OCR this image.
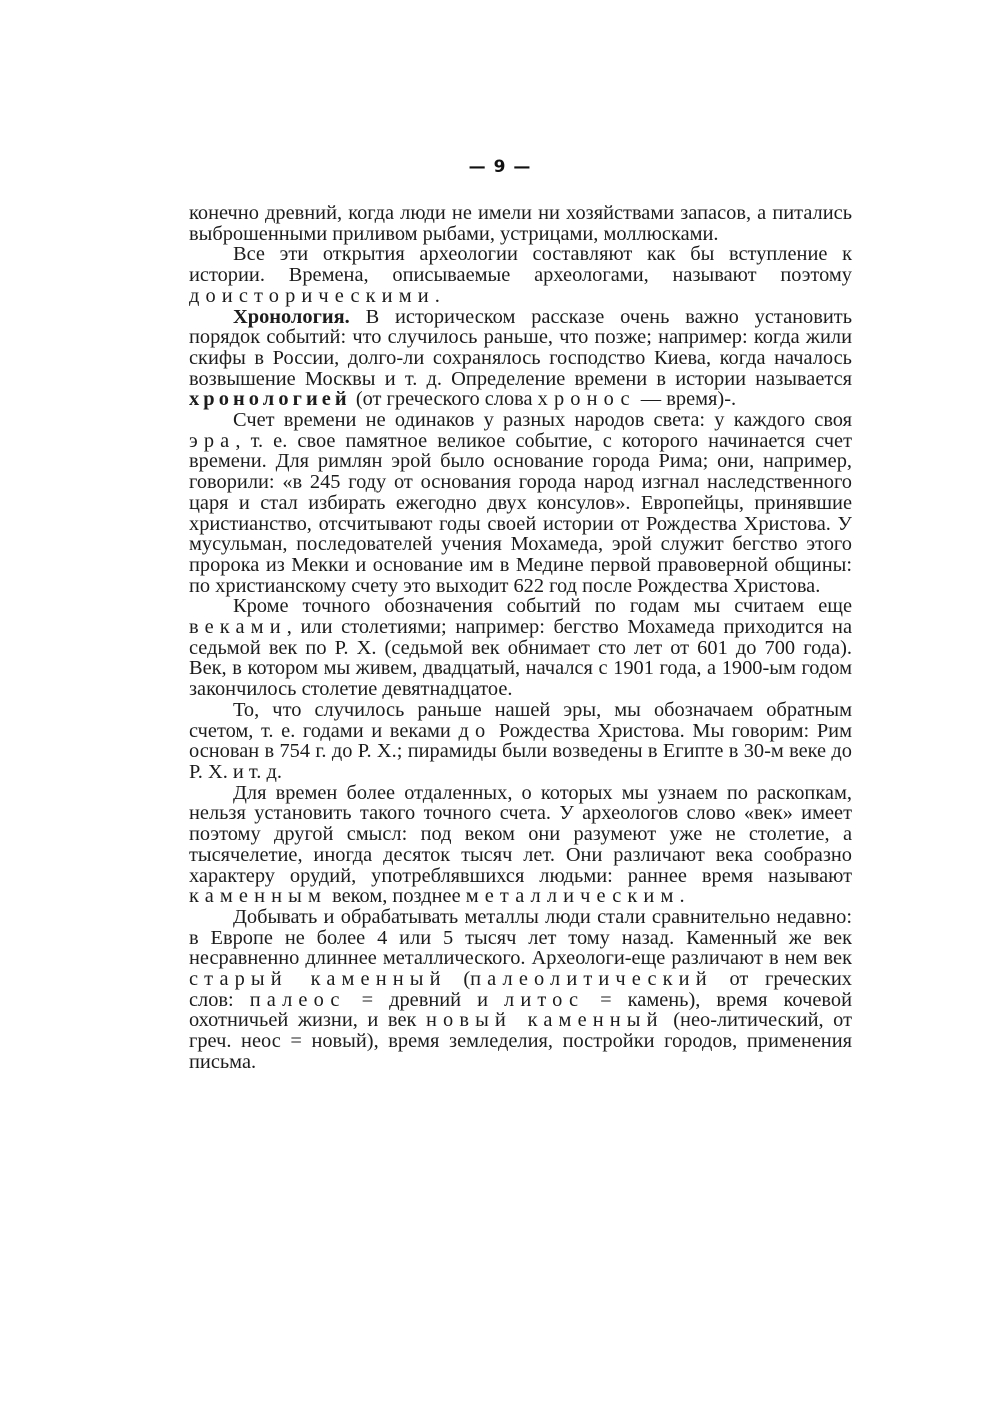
— 9 —

конечно древний, когда люди не имели ни хозяйствами запасов, а питались выброшенными приливом рыбами, устрицами, моллюсками.

Все эти открытия археологии составляют как бы вступление к истории. Времена, описываемые археологами, называют поэтому доисторическими.

Хронология. В историческом рассказе очень важно установить порядок событий: что случилось раньше, что позже; например: когда жили скифы в России, долго-ли сохранялось господство Киева, когда началось возвышение Москвы и т. д. Определение времени в истории называется хронологией (от греческого слова хронос — время)-.

Счет времени не одинаков у разных народов света: у каждого своя эра, т. е. свое памятное великое событие, с которого начинается счет времени. Для римлян эрой было основание города Рима; они, например, говорили: «в 245 году от основания города народ изгнал наследственного царя и стал избирать ежегодно двух консулов». Европейцы, принявшие христианство, отсчитывают годы своей истории от Рождества Христова. У мусульман, последователей учения Мохамеда, эрой служит бегство этого пророка из Мекки и основание им в Медине первой правоверной общины: по христианскому счету это выходит 622 год после Рождества Христова.

Кроме точного обозначения событий по годам мы считаем еще веками, или столетиями; например: бегство Мохамеда приходится на седьмой век по Р. Х. (седьмой век обнимает сто лет от 601 до 700 года). Век, в котором мы живем, двадцатый, начался с 1901 года, а 1900-ым годом закончилось столетие девятнадцатое.

То, что случилось раньше нашей эры, мы обозначаем обратным счетом, т. е. годами и веками до Рождества Христова. Мы говорим: Рим основан в 754 г. до Р. Х.; пирамиды были возведены в Египте в 30-м веке до Р. Х. и т. д.

Для времен более отдаленных, о которых мы узнаем по раскопкам, нельзя установить такого точного счета. У археологов слово «век» имеет поэтому другой смысл: под веком они разумеют уже не столетие, а тысячелетие, иногда десяток тысяч лет. Они различают века сообразно характеру орудий, употреблявшихся людьми: раннее время называют каменным веком, позднее металлическим.

Добывать и обрабатывать металлы люди стали сравнительно недавно: в Европе не более 4 или 5 тысяч лет тому назад. Каменный же век несравненно длиннее металлического. Археологи-еще различают в нем век старый каменный (палеолитический от греческих слов: палеос = древний и литос = камень), время кочевой охотничьей жизни, и век новый каменный (нео-литический, от греч. неос = новый), время земледелия, постройки городов, применения письма.
